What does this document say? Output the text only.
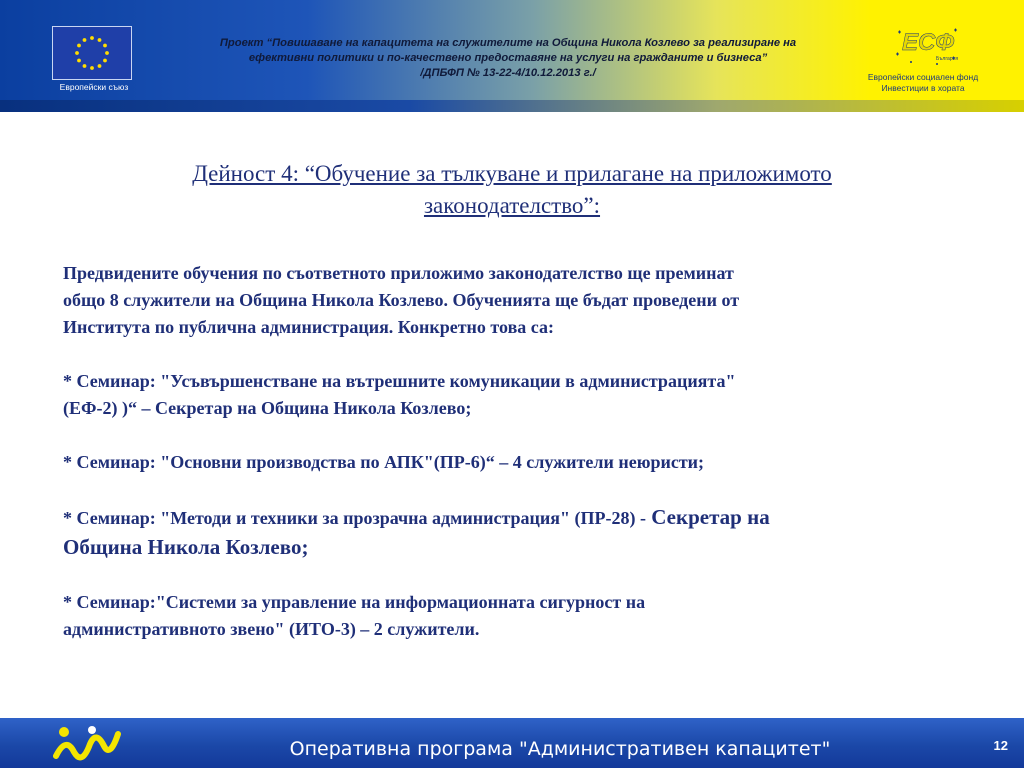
Европейски съюз
Проект “Повишаване на капацитета на служителите на Община Никола Козлево за реализиране на
ефективни политики и по-качествено предоставяне на услуги на гражданите и бизнеса”
/ДПБФП № 13-22-4/10.12.2013 г./
ЕСФ
България
Европейски социален фонд
Инвестиции в хората
Дейност 4: “Обучение за тълкуване и прилагане на приложимото
законодателство”:
Предвидените обучения по съответното приложимо законодателство ще преминат
общо 8 служители на Община Никола Козлево. Обученията ще бъдат проведени от
Института по публична администрация. Конкретно това са:
* Семинар: "Усъвършенстване на вътрешните комуникации в администрацията"
(ЕФ-2) )“ – Секретар на Община Никола Козлево;
* Семинар: "Основни производства по АПК"(ПР-6)“ – 4 служители неюристи;
* Семинар: "Методи и техники за прозрачна администрация" (ПР-28) - Секретар на
Община Никола Козлево;
* Семинар:"Системи за управление на информационната сигурност на
административното звено" (ИТО-3) – 2 служители.
Оперативна програма "Административен капацитет"	12
